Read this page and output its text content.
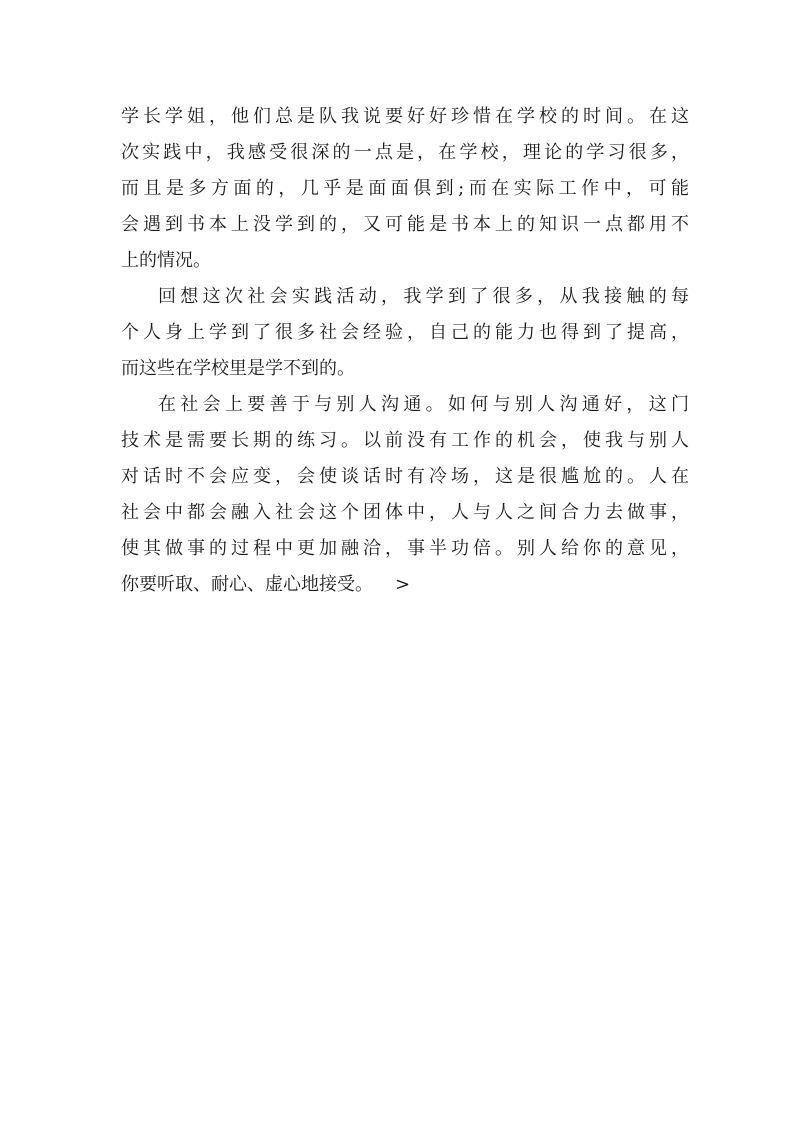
学长学姐，他们总是队我说要好好珍惜在学校的时间。在这
次实践中，我感受很深的一点是，在学校，理论的学习很多，
而且是多方面的，几乎是面面俱到;而在实际工作中，可能
会遇到书本上没学到的，又可能是书本上的知识一点都用不
上的情况。
回想这次社会实践活动，我学到了很多，从我接触的每
个人身上学到了很多社会经验，自己的能力也得到了提高，
而这些在学校里是学不到的。
在社会上要善于与别人沟通。如何与别人沟通好，这门
技术是需要长期的练习。以前没有工作的机会，使我与别人
对话时不会应变，会使谈话时有冷场，这是很尴尬的。人在
社会中都会融入社会这个团体中，人与人之间合力去做事，
使其做事的过程中更加融洽，事半功倍。别人给你的意见，
你要听取、耐心、虚心地接受。 >
